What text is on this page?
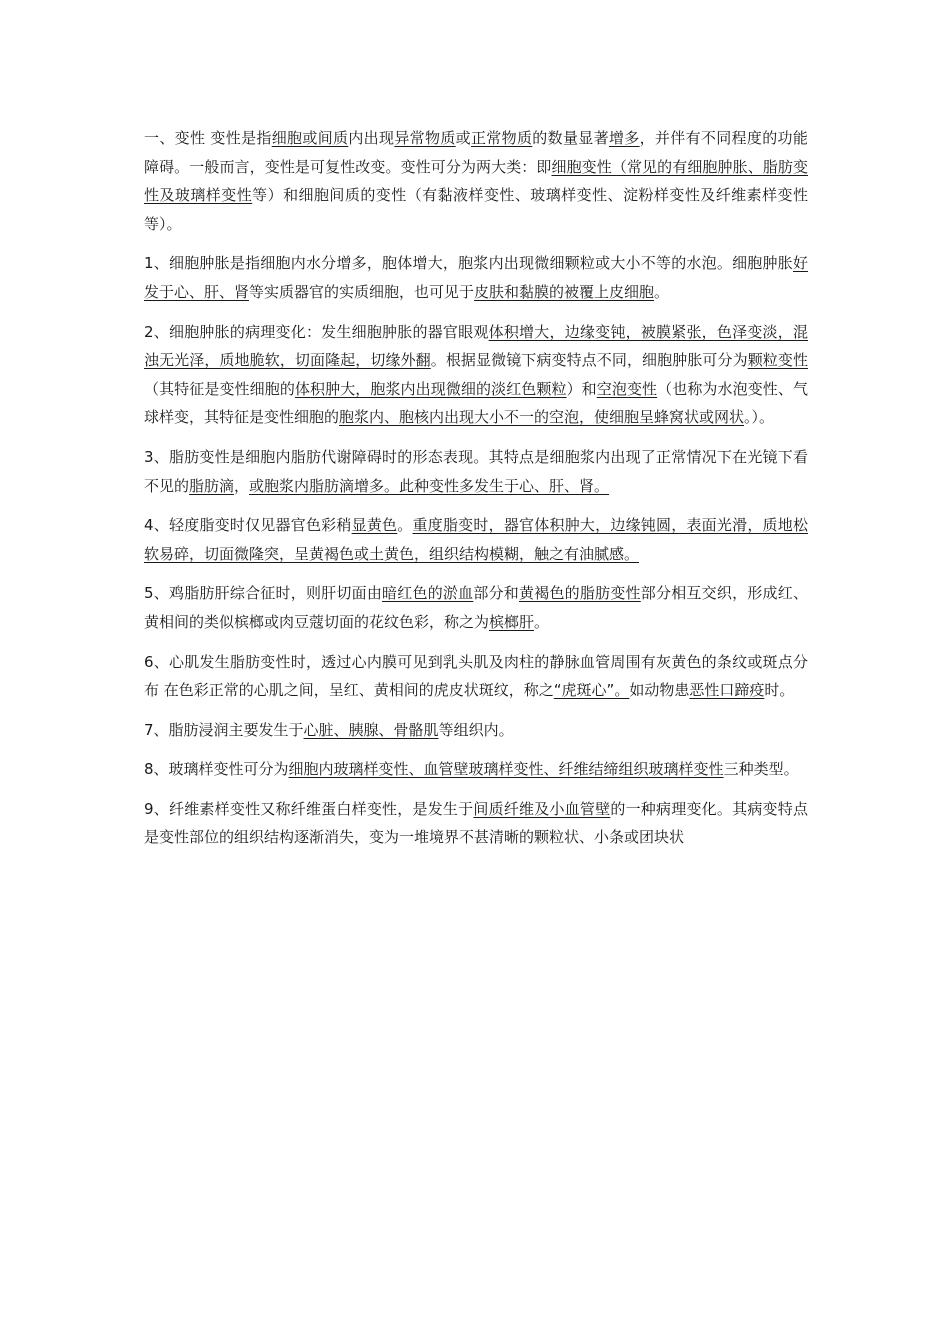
一、变性 变性是指细胞或间质内出现异常物质或正常物质的数量显著增多，并伴有不同程度的功能障碍。一般而言，变性是可复性改变。变性可分为两大类：即细胞变性（常见的有细胞肿胀、脂肪变性及玻璃样变性等）和细胞间质的变性（有黏液样变性、玻璃样变性、淀粉样变性及纤维素样变性等）。

1、细胞肿胀是指细胞内水分增多，胞体增大，胞浆内出现微细颗粒或大小不等的水泡。细胞肿胀好发于心、肝、肾等实质器官的实质细胞，也可见于皮肤和黏膜的被覆上皮细胞。

2、细胞肿胀的病理变化：发生细胞肿胀的器官眼观体积增大，边缘变钝，被膜紧张，色泽变淡，混浊无光泽，质地脆软，切面隆起，切缘外翻。根据显微镜下病变特点不同，细胞肿胀可分为颗粒变性（其特征是变性细胞的体积肿大，胞浆内出现微细的淡红色颗粒）和空泡变性（也称为水泡变性、气球样变，其特征是变性细胞的胞浆内、胞核内出现大小不一的空泡，使细胞呈蜂窝状或网状。）。

3、脂肪变性是细胞内脂肪代谢障碍时的形态表现。其特点是细胞浆内出现了正常情况下在光镜下看不见的脂肪滴，或胞浆内脂肪滴增多。此种变性多发生于心、肝、肾。

4、轻度脂变时仅见器官色彩稍显黄色。重度脂变时，器官体积肿大，边缘钝圆，表面光滑，质地松软易碎，切面微隆突，呈黄褐色或土黄色，组织结构模糊，触之有油腻感。

5、鸡脂肪肝综合征时，则肝切面由暗红色的淤血部分和黄褐色的脂肪变性部分相互交织，形成红、黄相间的类似槟榔或肉豆蔻切面的花纹色彩，称之为槟榔肝。

6、心肌发生脂肪变性时，透过心内膜可见到乳头肌及肉柱的静脉血管周围有灰黄色的条纹或斑点分布 在色彩正常的心肌之间，呈红、黄相间的虎皮状斑纹，称之“虎斑心”。如动物患恶性口蹄疫时。

7、脂肪浸润主要发生于心脏、胰腺、骨骼肌等组织内。

8、玻璃样变性可分为细胞内玻璃样变性、血管壁玻璃样变性、纤维结缔组织玻璃样变性三种类型。

9、纤维素样变性又称纤维蛋白样变性，是发生于间质纤维及小血管壁的一种病理变化。其病变特点是变性部位的组织结构逐渐消失，变为一堆境界不甚清晰的颗粒状、小条或团块状
